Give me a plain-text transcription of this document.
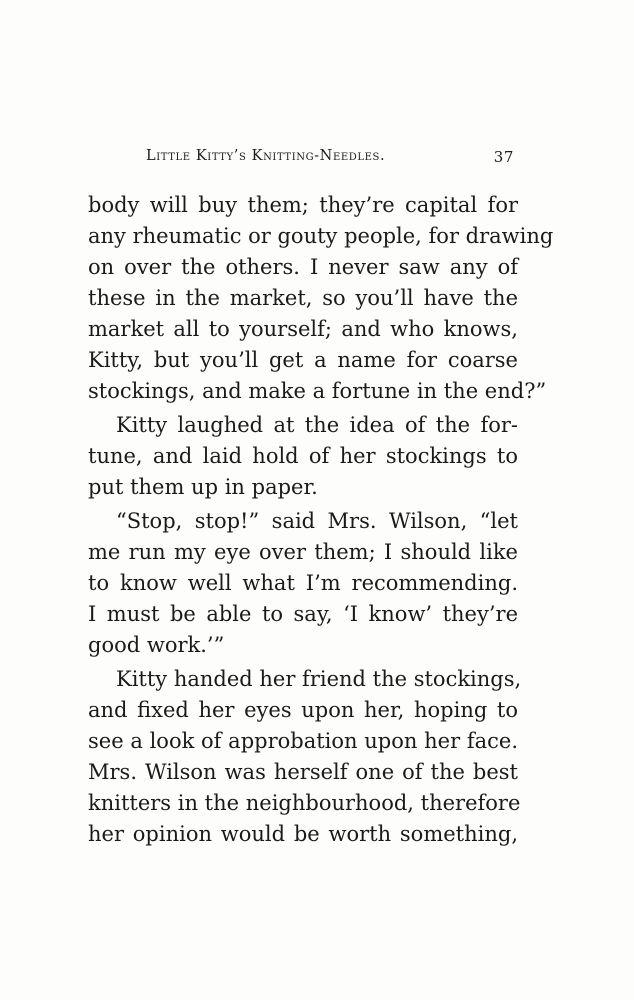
Little Kitty’s Knitting-Needles.	37
body will buy them; they’re capital for
any rheumatic or gouty people, for drawing
on over the others. I never saw any of
these in the market, so you’ll have the
market all to yourself; and who knows,
Kitty, but you’ll get a name for coarse
stockings, and make a fortune in the end?”
Kitty laughed at the idea of the for-
tune, and laid hold of her stockings to
put them up in paper.
“Stop, stop!” said Mrs. Wilson, “let
me run my eye over them; I should like
to know well what I’m recommending.
I must be able to say, ‘I know’ they’re
good work.’”
Kitty handed her friend the stockings,
and fixed her eyes upon her, hoping to
see a look of approbation upon her face.
Mrs. Wilson was herself one of the best
knitters in the neighbourhood, therefore
her opinion would be worth something,
